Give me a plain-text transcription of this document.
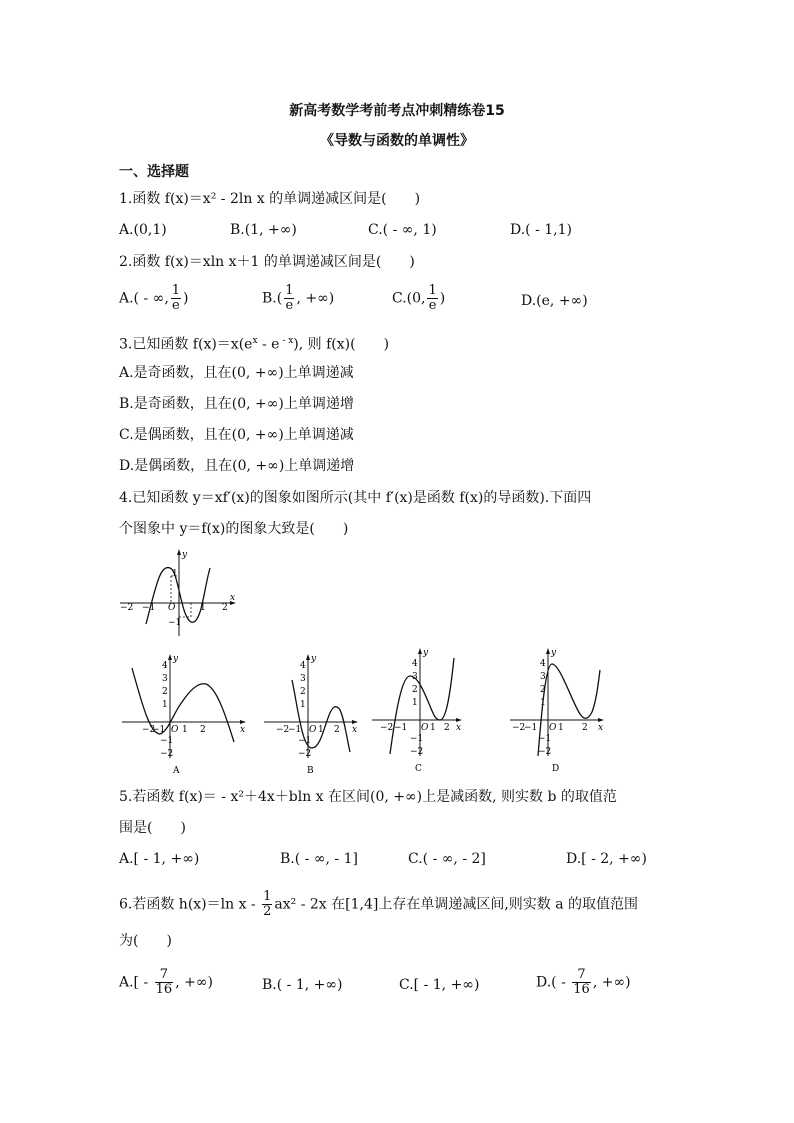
新高考数学考前考点冲刺精练卷15
《导数与函数的单调性》
一、选择题
1.函数 f(x)＝x² - 2ln x 的单调递减区间是(　　)
A.(0,1)	B.(1, +∞)	C.( - ∞, 1)	D.( - 1,1)
2.函数 f(x)＝xln x＋1 的单调递减区间是(　　)
A.( - ∞, $\frac{1}{e}$ )	$B.( \frac{1}{e}$ , +∞)	C.(0, $\frac{1}{e}$ )	D.(e, +∞)
3.已知函数 $f(x)=x(e^x - e$ $^{- x}$), 则 f(x)(　　)
A.是奇函数，且在(0, +∞)上单调递减
B.是奇函数，且在(0, +∞)上单调递增
C.是偶函数，且在(0, +∞)上单调递减
D.是偶函数，且在(0, +∞)上单调递增
4.已知函数 y＝xf′(x)的图象如图所示(其中 f′(x)是函数 f(x)的导函数).下面四
个图象中 y＝f(x)的图象大致是(　　)
y
x
−2 −1 O	1 2
1
−1
y
x
4
3
2
1
−1
−2
−2
−1 O 1 2
A
y
x
4
3
2
1
−1
−2
−2
−1 O 1 2
B
y
x
4
3
2
1
−1
−2
−2 −1 O 1 2
C
y
x
4
3
2
1
−1
−2
−2
−1 O 1 2
D
5.若函数 f(x)＝ - x²＋4x＋bln x 在区间(0, +∞)上是减函数, 则实数 b 的取值范
围是(　　)
A.[ - 1, +∞)	B.( - ∞, - 1]	C.( - ∞, - 2]	D.[ - 2, +∞)
6.若函数 h(x)＝ln x - $\frac{1}{2} ax^2 - 2x$ 在[1,4]上存在单调递减区间,则实数 a 的取值范围
为(　　)
$A.[ - \frac{7}{16}$ , +∞)	B.( - 1, +∞)	C.[ - 1, +∞)	$D.( - \frac{7}{16}$ , +∞)
